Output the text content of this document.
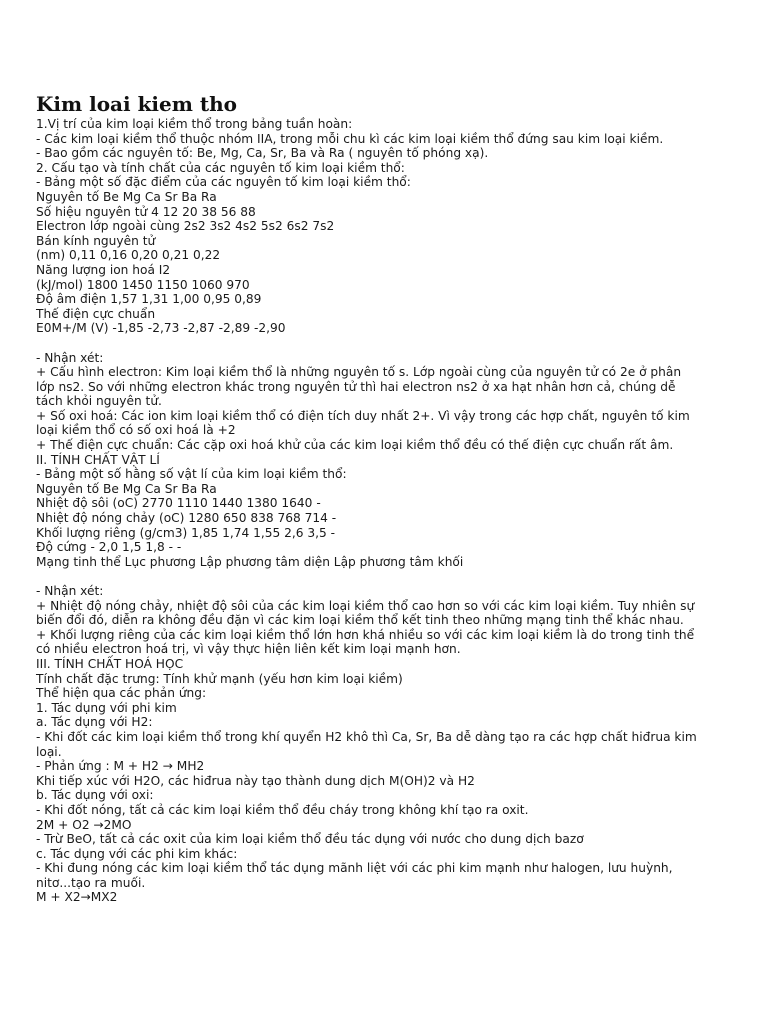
Kim loai kiem tho
1.Vị trí của kim loại kiềm thổ trong bảng tuần hoàn:
- Các kim loại kiềm thổ thuộc nhóm IIA, trong mỗi chu kì các kim loại kiềm thổ đứng sau kim loại kiềm.
- Bao gồm các nguyên tố: Be, Mg, Ca, Sr, Ba và Ra ( nguyên tố phóng xạ).
2. Cấu tạo và tính chất của các nguyên tố kim loại kiềm thổ:
- Bảng một số đặc điểm của các nguyên tố kim loại kiềm thổ:
Nguyên tố Be Mg Ca Sr Ba Ra
Số hiệu nguyên tử 4 12 20 38 56 88
Electron lớp ngoài cùng 2s2 3s2 4s2 5s2 6s2 7s2
Bán kính nguyên tử
(nm) 0,11 0,16 0,20 0,21 0,22
Năng lượng ion hoá I2
(kJ/mol) 1800 1450 1150 1060 970
Độ âm điện 1,57 1,31 1,00 0,95 0,89
Thế điện cực chuẩn
E0M+/M (V) -1,85 -2,73 -2,87 -2,89 -2,90
- Nhận xét:
+ Cấu hình electron: Kim loại kiềm thổ là những nguyên tố s. Lớp ngoài cùng của nguyên tử có 2e ở phân
lớp ns2. So với những electron khác trong nguyên tử thì hai electron ns2 ở xa hạt nhân hơn cả, chúng dễ
tách khỏi nguyên tử.
+ Số oxi hoá: Các ion kim loại kiềm thổ có điện tích duy nhất 2+. Vì vậy trong các hợp chất, nguyên tố kim
loại kiềm thổ có số oxi hoá là +2
+ Thế điện cực chuẩn: Các cặp oxi hoá khử của các kim loại kiềm thổ đều có thế điện cực chuẩn rất âm.
II. TÍNH CHẤT VẬT LÍ
- Bảng một số hằng số vật lí của kim loại kiềm thổ:
Nguyên tố Be Mg Ca Sr Ba Ra
Nhiệt độ sôi (oC) 2770 1110 1440 1380 1640 -
Nhiệt độ nóng chảy (oC) 1280 650 838 768 714 -
Khối lượng riêng (g/cm3) 1,85 1,74 1,55 2,6 3,5 -
Độ cứng - 2,0 1,5 1,8 - -
Mạng tinh thể Lục phương Lập phương tâm diện Lập phương tâm khối
- Nhận xét:
+ Nhiệt độ nóng chảy, nhiệt độ sôi của các kim loại kiềm thổ cao hơn so với các kim loại kiềm. Tuy nhiên sự
biến đổi đó, diễn ra không đều đặn vì các kim loại kiềm thổ kết tinh theo những mạng tinh thể khác nhau.
+ Khối lượng riêng của các kim loại kiềm thổ lớn hơn khá nhiều so với các kim loại kiềm là do trong tinh thể
có nhiều electron hoá trị, vì vậy thực hiện liên kết kim loại mạnh hơn.
III. TÍNH CHẤT HOÁ HỌC
Tính chất đặc trưng: Tính khử mạnh (yếu hơn kim loại kiềm)
Thể hiện qua các phản ứng:
1. Tác dụng với phi kim
a. Tác dụng với H2:
- Khi đốt các kim loại kiềm thổ trong khí quyển H2 khô thì Ca, Sr, Ba dễ dàng tạo ra các hợp chất hiđrua kim
loại.
- Phản ứng : M + H2 → MH2
Khi tiếp xúc với H2O, các hiđrua này tạo thành dung dịch M(OH)2 và H2
b. Tác dụng với oxi:
- Khi đốt nóng, tất cả các kim loại kiềm thổ đều cháy trong không khí tạo ra oxit.
2M + O2 →2MO
- Trừ BeO, tất cả các oxit của kim loại kiềm thổ đều tác dụng với nước cho dung dịch bazơ
c. Tác dụng với các phi kim khác:
- Khi đung nóng các kim loại kiềm thổ tác dụng mãnh liệt với các phi kim mạnh như halogen, lưu huỳnh,
nitơ...tạo ra muối.
M + X2→MX2
